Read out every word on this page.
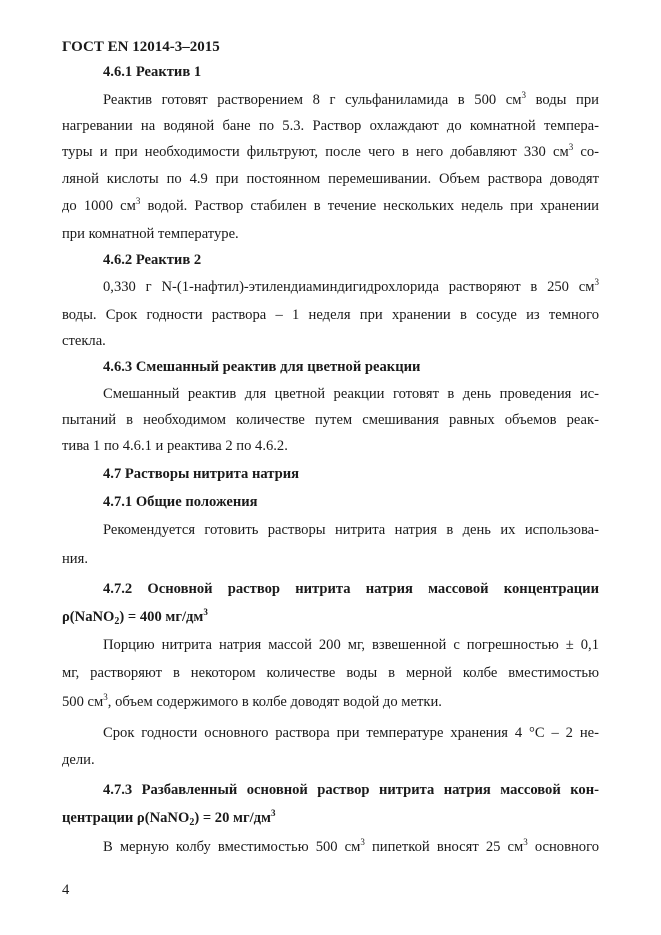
ГОСТ EN 12014-3–2015
4.6.1 Реактив 1
Реактив готовят растворением 8 г сульфаниламида в 500 $см^3$ воды при
нагревании на водяной бане по 5.3. Раствор охлаждают до комнатной темпера-
туры и при необходимости фильтруют, после чего в него добавляют 330 $см^3$ со-
ляной кислоты по 4.9 при постоянном перемешивании. Объем раствора доводят
до 1000 $см^3$ водой. Раствор стабилен в течение нескольких недель при хранении
при комнатной температуре.
4.6.2 Реактив 2
0,330 г N-(1-нафтил)-этилендиаминдигидрохлорида растворяют в 250 $см^3$
воды. Срок годности раствора – 1 неделя при хранении в сосуде из темного
стекла.
4.6.3 Смешанный реактив для цветной реакции
Смешанный реактив для цветной реакции готовят в день проведения ис-
пытаний в необходимом количестве путем смешивания равных объемов реак-
тива 1 по 4.6.1 и реактива 2 по 4.6.2.
4.7 Растворы нитрита натрия
4.7.1 Общие положения
Рекомендуется готовить растворы нитрита натрия в день их использова-
ния.
4.7.2 Основной раствор нитрита натрия массовой концентрации
ρ(NaNO$_2$) = 400 $мг/дм^3$
Порцию нитрита натрия массой 200 мг, взвешенной с погрешностью ± 0,1
мг, растворяют в некотором количестве воды в мерной колбе вместимостью
500 $см^3$, объем содержимого в колбе доводят водой до метки.
Срок годности основного раствора при температуре хранения 4 °С – 2 не-
дели.
4.7.3 Разбавленный основной раствор нитрита натрия массовой кон-
центрации ρ(NaNO$_2$) = 20 $мг/дм^3$
В мерную колбу вместимостью 500 $см^3$ пипеткой вносят 25 $см^3$ основного
4
